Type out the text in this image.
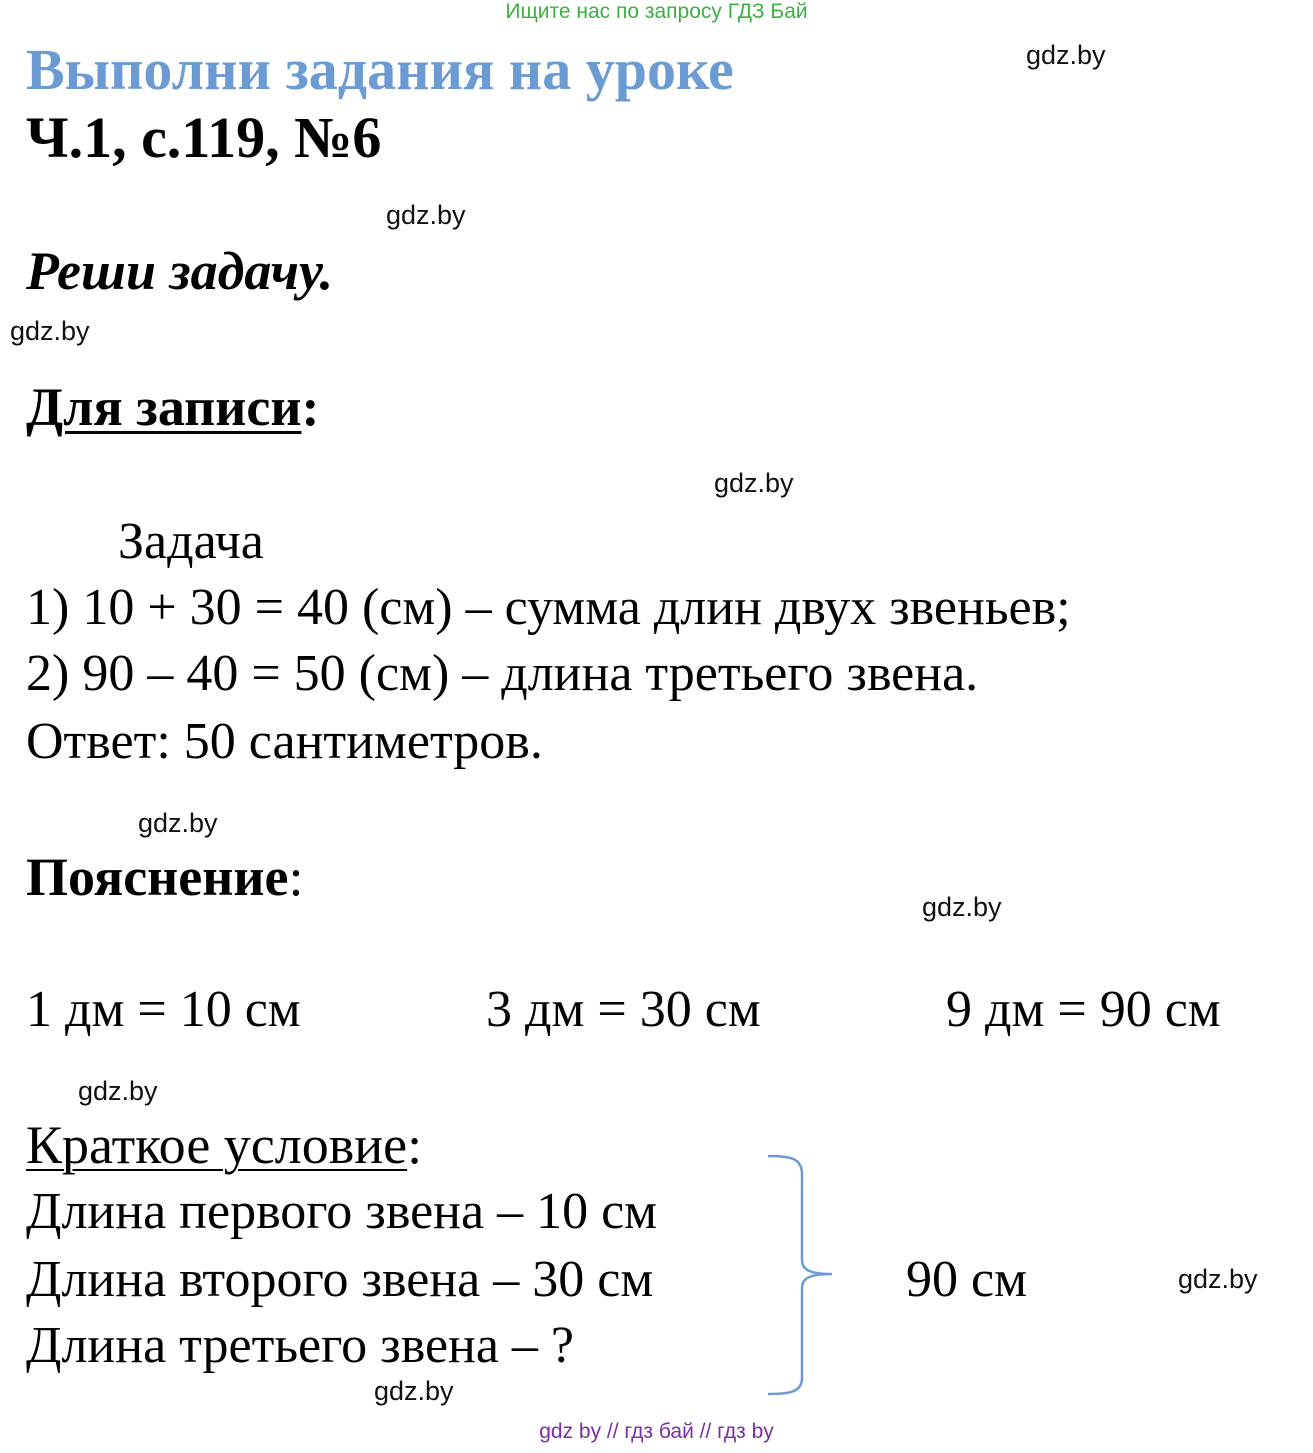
Ищите нас по запросу ГДЗ Бай
Выполни задания на уроке
Ч.1, с.119, №6
Реши задачу.
Для записи:
Задача
1) 10 + 30 = 40 (см) – сумма длин двух звеньев;
2) 90 – 40 = 50 (см) – длина третьего звена.
Ответ: 50 сантиметров.
Пояснение:
1 дм = 10 см	3 дм = 30 см	9 дм = 90 см
Краткое условие:
Длина первого звена – 10 см
Длина второго звена – 30 см
Длина третьего звена – ?
90 см
gdz.by
gdz.by
gdz.by
gdz.by
gdz.by
gdz.by
gdz.by
gdz.by
gdz.by
gdz by // гдз бай // гдз by
